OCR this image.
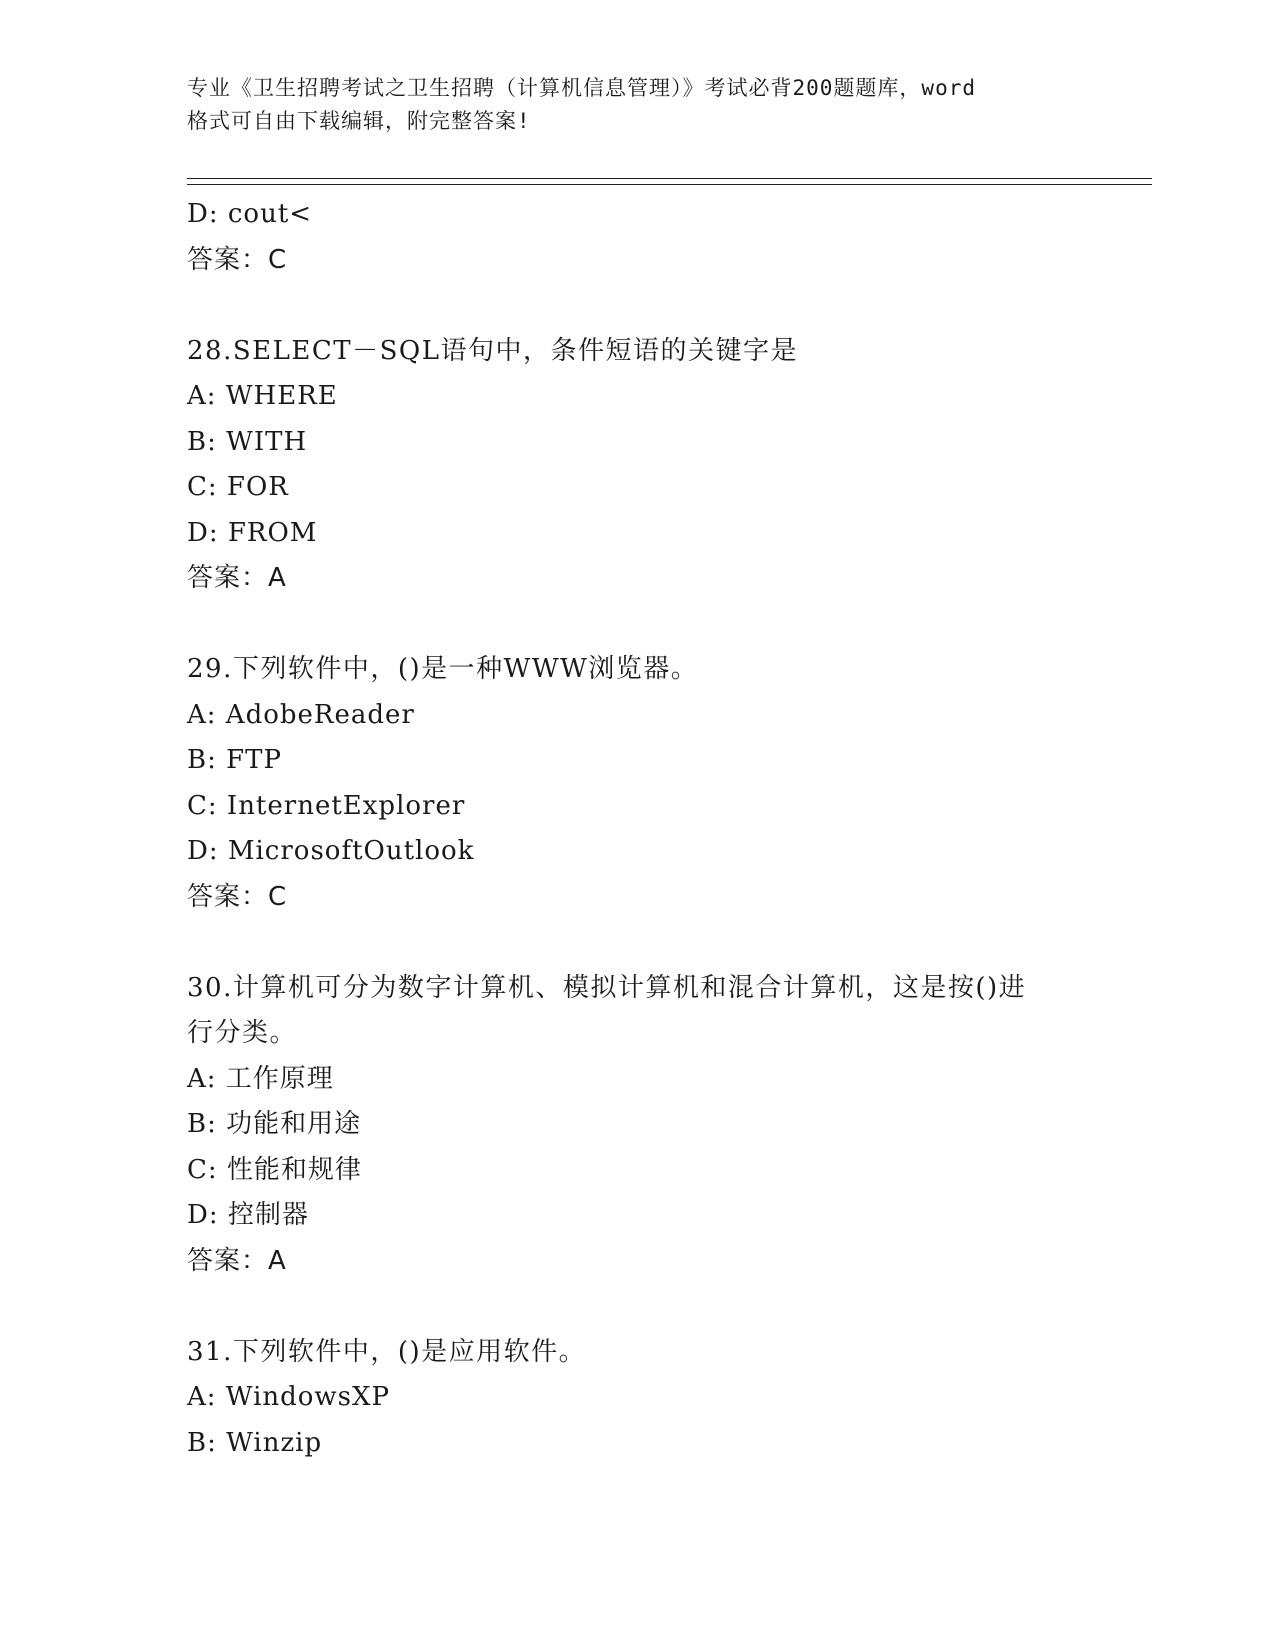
专业《卫生招聘考试之卫生招聘（计算机信息管理）》考试必背200题题库，word
格式可自由下载编辑，附完整答案!
D: cout<
答案：C
28.SELECT－SQL语句中，条件短语的关键字是
A: WHERE
B: WITH
C: FOR
D: FROM
答案：A
29.下列软件中，()是一种WWW浏览器。
A: AdobeReader
B: FTP
C: InternetExplorer
D: MicrosoftOutlook
答案：C
30.计算机可分为数字计算机、模拟计算机和混合计算机，这是按()进
行分类。
A: 工作原理
B: 功能和用途
C: 性能和规律
D: 控制器
答案：A
31.下列软件中，()是应用软件。
A: WindowsXP
B: Winzip
